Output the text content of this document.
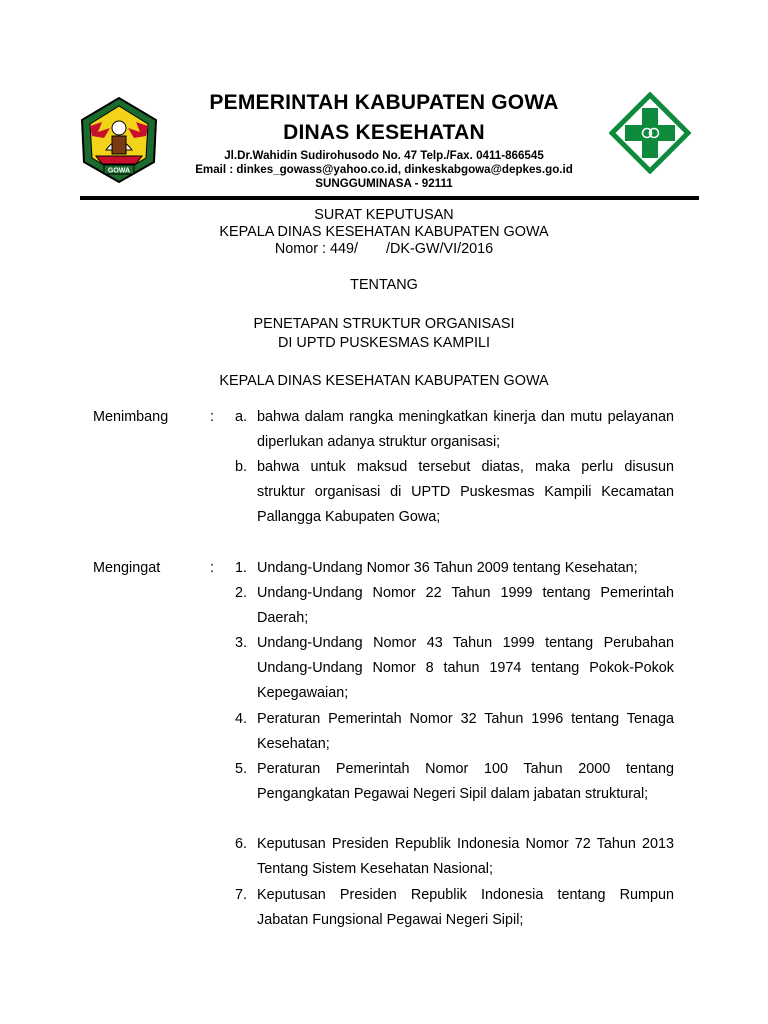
GOWA
PEMERINTAH KABUPATEN GOWA
DINAS KESEHATAN
Jl.Dr.Wahidin Sudirohusodo No. 47 Telp./Fax. 0411-866545
Email : dinkes_gowass@yahoo.co.id, dinkeskabgowa@depkes.go.id
SUNGGUMINASA - 92111
SURAT KEPUTUSAN
KEPALA DINAS KESEHATAN KABUPATEN GOWA
Nomor : 449/       /DK-GW/VI/2016
TENTANG
PENETAPAN STRUKTUR ORGANISASI
DI UPTD PUSKESMAS KAMPILI
KEPALA DINAS KESEHATAN KABUPATEN GOWA
Menimbang	:	a. bahwa dalam rangka meningkatkan kinerja dan mutu pelayanan diperlukan adanya struktur organisasi;
b. bahwa untuk maksud tersebut diatas, maka perlu disusun struktur organisasi di UPTD Puskesmas Kampili Kecamatan Pallangga Kabupaten Gowa;
Mengingat	:	1. Undang-Undang Nomor 36 Tahun 2009 tentang Kesehatan;
2. Undang-Undang Nomor 22 Tahun 1999 tentang Pemerintah Daerah;
3. Undang-Undang Nomor 43 Tahun 1999 tentang Perubahan Undang-Undang Nomor 8 tahun 1974 tentang Pokok-Pokok Kepegawaian;
4. Peraturan Pemerintah Nomor 32 Tahun 1996 tentang Tenaga Kesehatan;
5. Peraturan Pemerintah Nomor 100 Tahun 2000 tentang Pengangkatan Pegawai Negeri Sipil dalam jabatan struktural;
6. Keputusan Presiden Republik Indonesia Nomor 72 Tahun 2013 Tentang Sistem Kesehatan Nasional;
7. Keputusan Presiden Republik Indonesia tentang Rumpun Jabatan Fungsional Pegawai Negeri Sipil;
